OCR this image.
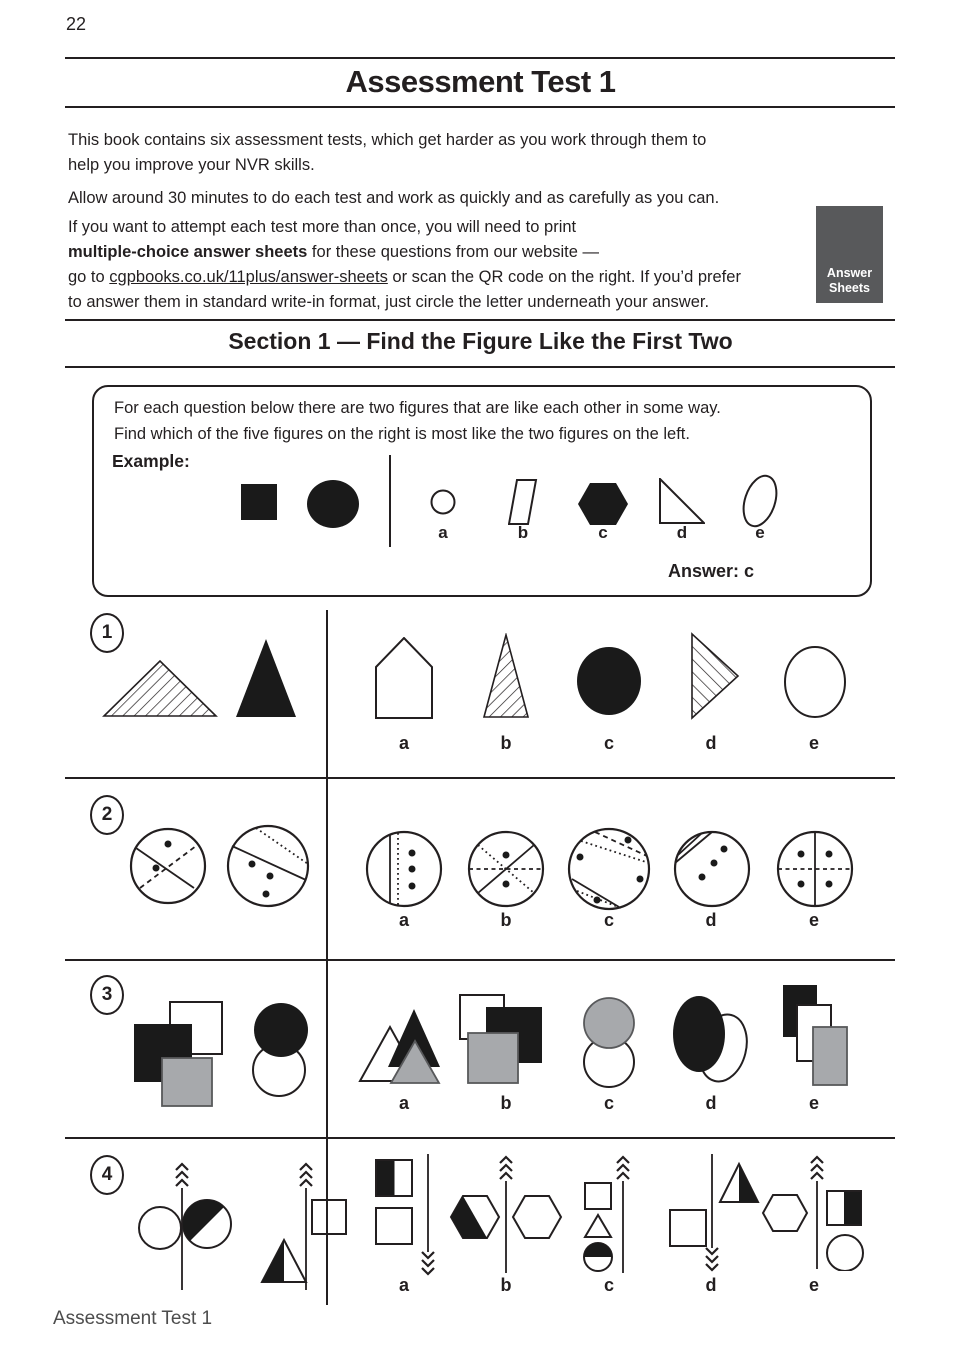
22
Assessment Test 1
This book contains six assessment tests, which get harder as you work through them to
help you improve your NVR skills.
Allow around 30 minutes to do each test and work as quickly and as carefully as you can.
If you want to attempt each test more than once, you will need to print
multiple-choice answer sheets for these questions from our website —
go to cgpbooks.co.uk/11plus/answer-sheets or scan the QR code on the right. If you’d prefer
to answer them in standard write-in format, just circle the letter underneath your answer.
Answer Sheets
Section 1 — Find the Figure Like the First Two
For each question below there are two figures that are like each other in some way.
Find which of the five figures on the right is most like the two figures on the left.
Example:
a	b	c	d	e
Answer: c
1
a	b	c	d	e
2
a	b	c	d	e
3
a	b	c	d	e
4
a	b	c	d	e
Assessment Test 1
